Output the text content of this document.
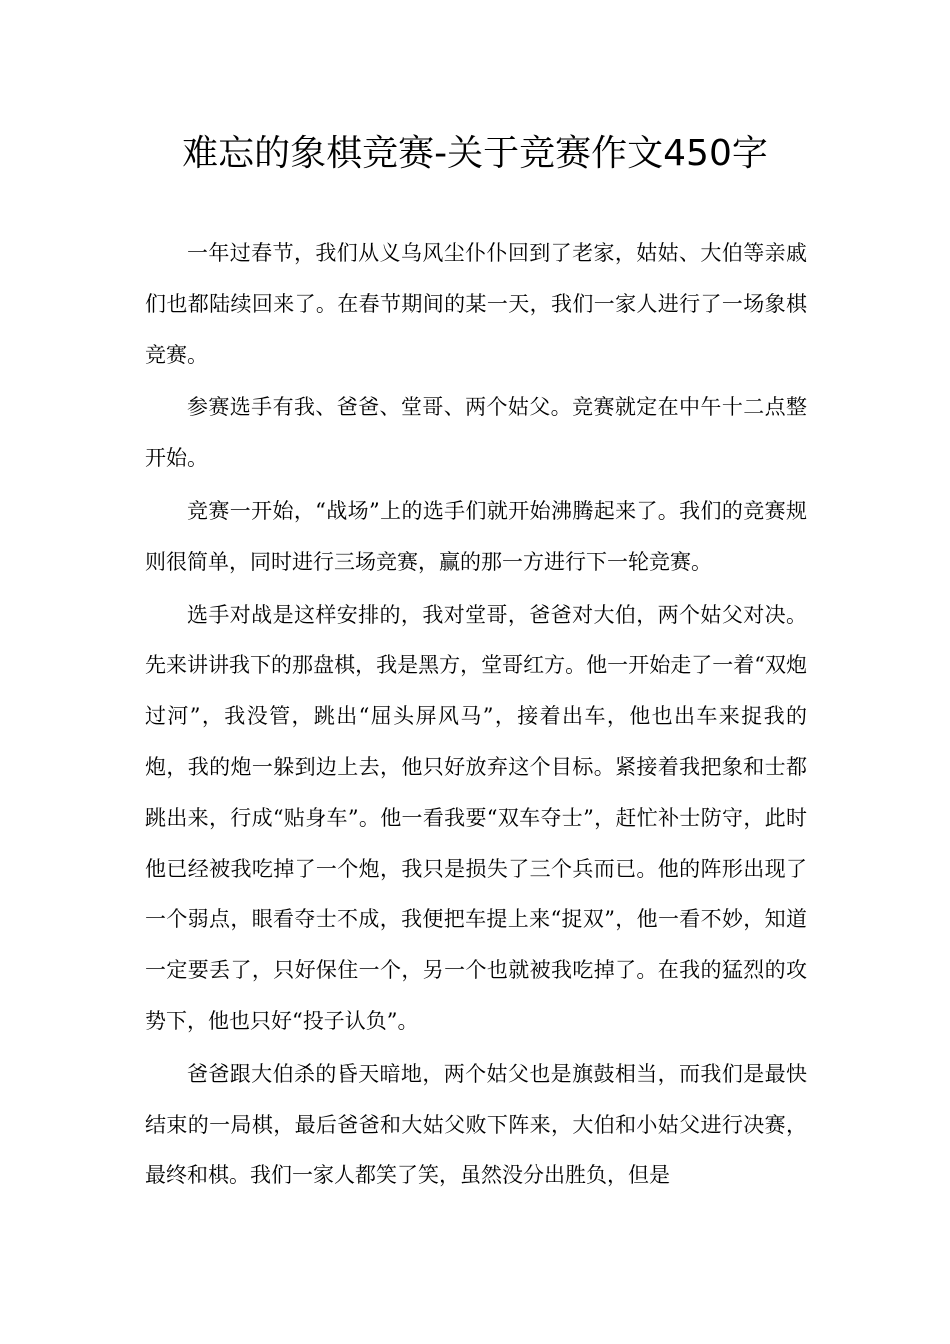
难忘的象棋竞赛-关于竞赛作文450字

一年过春节，我们从义乌风尘仆仆回到了老家，姑姑、大伯等亲戚们也都陆续回来了。在春节期间的某一天，我们一家人进行了一场象棋竞赛。

参赛选手有我、爸爸、堂哥、两个姑父。竞赛就定在中午十二点整开始。

竞赛一开始，“战场”上的选手们就开始沸腾起来了。我们的竞赛规则很简单，同时进行三场竞赛，赢的那一方进行下一轮竞赛。

选手对战是这样安排的，我对堂哥，爸爸对大伯，两个姑父对决。 先来讲讲我下的那盘棋，我是黑方，堂哥红方。他一开始走了一着“双炮过河”，我没管，跳出“屈头屏风马”，接着出车，他也出车来捉我的炮，我的炮一躲到边上去，他只好放弃这个目标。紧接着我把象和士都跳出来，行成“贴身车”。他一看我要“双车夺士”，赶忙补士防守，此时他已经被我吃掉了一个炮，我只是损失了三个兵而已。他的阵形出现了一个弱点，眼看夺士不成，我便把车提上来“捉双”，他一看不妙，知道一定要丢了，只好保住一个，另一个也就被我吃掉了。在我的猛烈的攻势下，他也只好“投子认负”。

爸爸跟大伯杀的昏天暗地，两个姑父也是旗鼓相当，而我们是最快结束的一局棋，最后爸爸和大姑父败下阵来，大伯和小姑父进行决赛，最终和棋。我们一家人都笑了笑，虽然没分出胜负，但是
